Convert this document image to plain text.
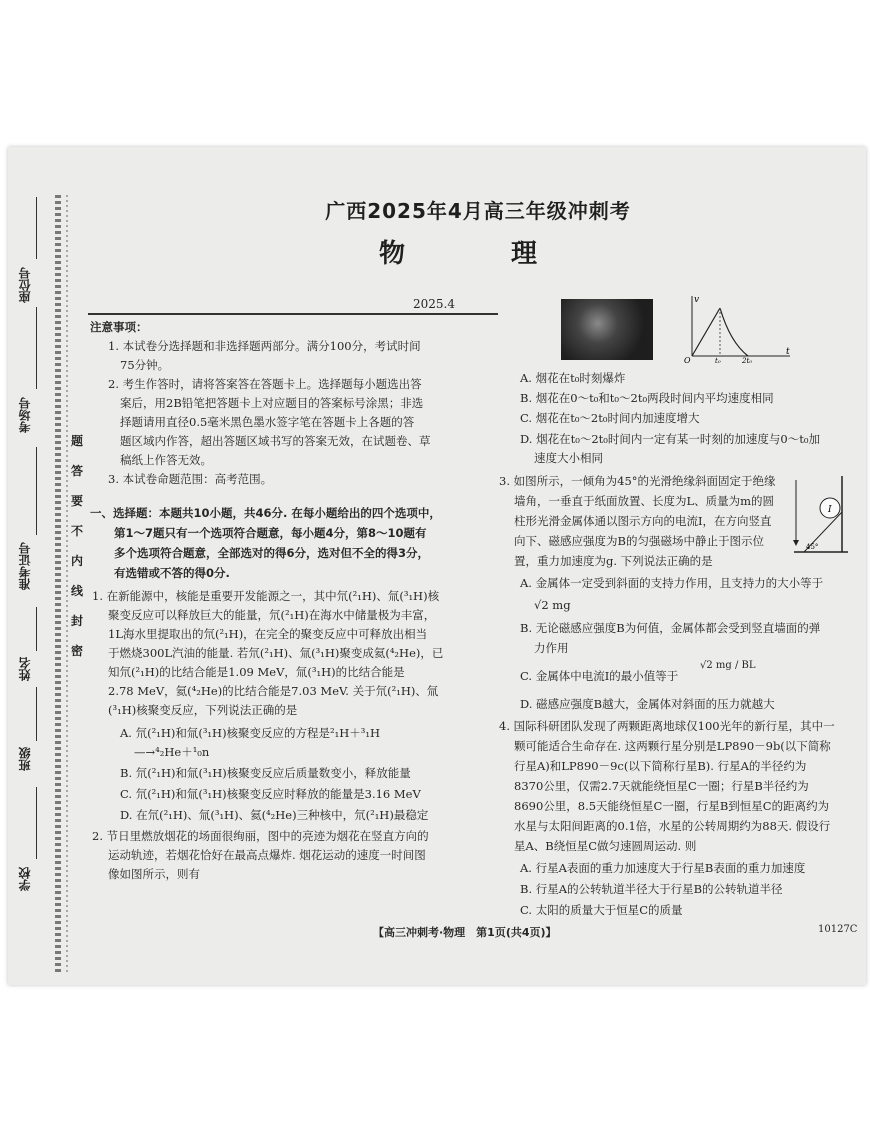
座位号
考场号
准考证号
姓名
班级
学校
题
答
要
不
内
线
封
密
广西2025年4月高三年级冲刺考
物　理
2025.4
注意事项：
1. 本试卷分选择题和非选择题两部分。满分100分，考试时间
75分钟。
2. 考生作答时，请将答案答在答题卡上。选择题每小题选出答
案后，用2B铅笔把答题卡上对应题目的答案标号涂黑；非选
择题请用直径0.5毫米黑色墨水签字笔在答题卡上各题的答
题区域内作答，超出答题区域书写的答案无效，在试题卷、草
稿纸上作答无效。
3. 本试卷命题范围：高考范围。
一、选择题：本题共10小题，共46分. 在每小题给出的四个选项中，
第1～7题只有一个选项符合题意，每小题4分，第8～10题有
多个选项符合题意，全部选对的得6分，选对但不全的得3分，
有选错或不答的得0分.
1. 在新能源中，核能是重要开发能源之一，其中氘(²₁H)、氚(³₁H)核
聚变反应可以释放巨大的能量，氘(²₁H)在海水中储量极为丰富，
1L海水里提取出的氘(²₁H)，在完全的聚变反应中可释放出相当
于燃烧300L汽油的能量. 若氘(²₁H)、氚(³₁H)聚变成氦(⁴₂He)，已
知氘(²₁H)的比结合能是1.09 MeV，氚(³₁H)的比结合能是
2.78 MeV，氦(⁴₂He)的比结合能是7.03 MeV. 关于氘(²₁H)、氚
(³₁H)核聚变反应，下列说法正确的是
A. 氘(²₁H)和氚(³₁H)核聚变反应的方程是²₁H＋³₁H
—→⁴₂He＋¹₀n
B. 氘(²₁H)和氚(³₁H)核聚变反应后质量数变小，释放能量
C. 氘(²₁H)和氚(³₁H)核聚变反应时释放的能量是3.16 MeV
D. 在氘(²₁H)、氚(³₁H)、氦(⁴₂He)三种核中，氘(²₁H)最稳定
2. 节日里燃放烟花的场面很绚丽，图中的亮迹为烟花在竖直方向的
运动轨迹，若烟花恰好在最高点爆炸. 烟花运动的速度一时间图
像如图所示，则有
v
t
O	t₀	2t₀
A. 烟花在t₀时刻爆炸
B. 烟花在0～t₀和t₀～2t₀两段时间内平均速度相同
C. 烟花在t₀～2t₀时间内加速度增大
D. 烟花在t₀～2t₀时间内一定有某一时刻的加速度与0～t₀加
速度大小相同
3. 如图所示，一倾角为45°的光滑绝缘斜面固定于绝缘
墙角，一垂直于纸面放置、长度为L、质量为m的圆
柱形光滑金属体通以图示方向的电流I，在方向竖直
向下、磁感应强度为B的匀强磁场中静止于图示位
置，重力加速度为g. 下列说法正确的是
I
45°
A. 金属体一定受到斜面的支持力作用，且支持力的大小等于
√2 mg
B. 无论磁感应强度B为何值，金属体都会受到竖直墙面的弹
力作用
C. 金属体中电流I的最小值等于
√2 mg / BL
D. 磁感应强度B越大，金属体对斜面的压力就越大
4. 国际科研团队发现了两颗距离地球仅100光年的新行星，其中一
颗可能适合生命存在. 这两颗行星分别是LP890－9b(以下简称
行星A)和LP890－9c(以下简称行星B). 行星A的半径约为
8370公里，仅需2.7天就能绕恒星C一圈；行星B半径约为
8690公里，8.5天能绕恒星C一圈，行星B到恒星C的距离约为
水星与太阳间距离的0.1倍，水星的公转周期约为88天. 假设行
星A、B绕恒星C做匀速圆周运动. 则
A. 行星A表面的重力加速度大于行星B表面的重力加速度
B. 行星A的公转轨道半径大于行星B的公转轨道半径
C. 太阳的质量大于恒星C的质量
【高三冲刺考·物理　第1页(共4页)】	10127C
